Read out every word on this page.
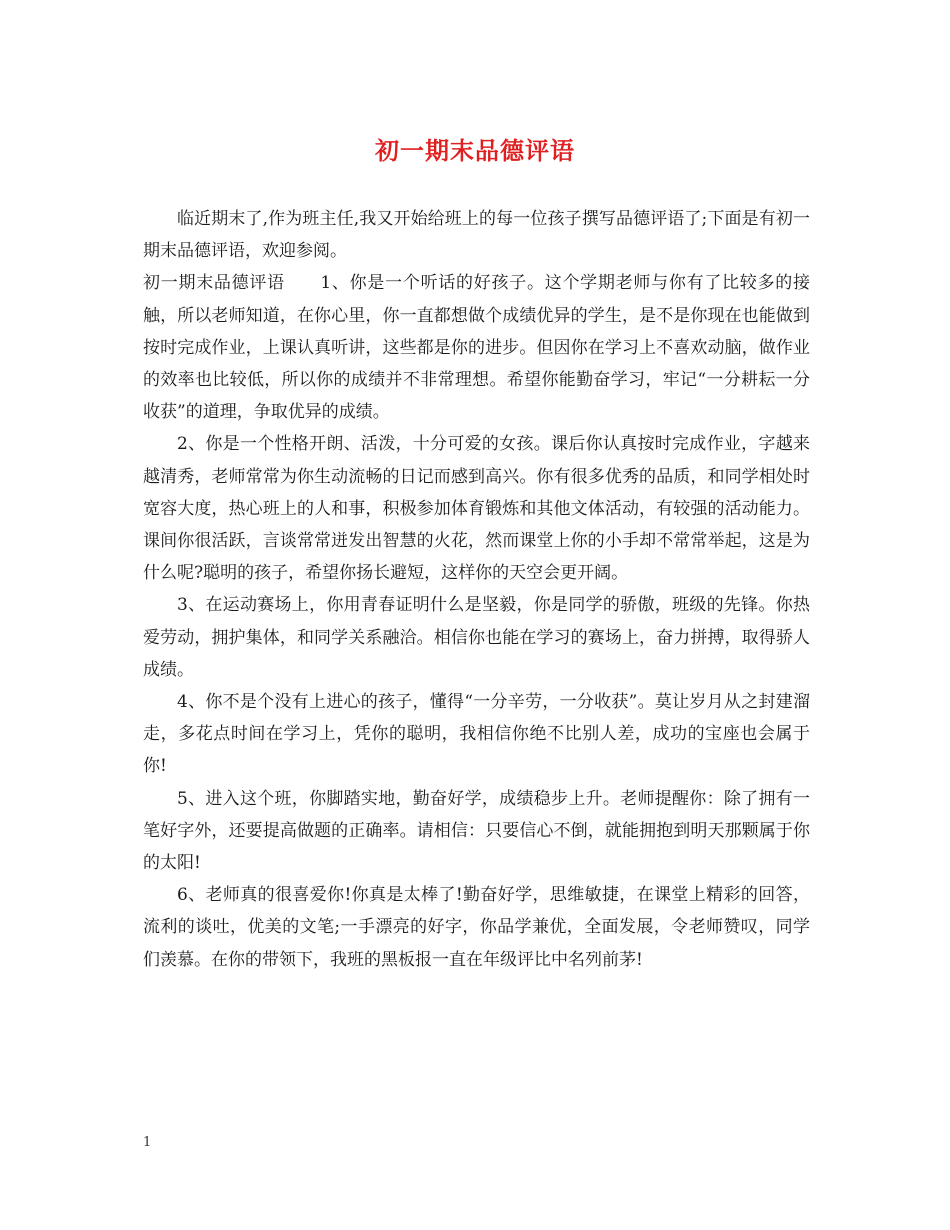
初一期末品德评语

临近期末了,作为班主任,我又开始给班上的每一位孩子撰写品德评语了;下面是有初一期末品德评语，欢迎参阅。

初一期末品德评语　　1、你是一个听话的好孩子。这个学期老师与你有了比较多的接触，所以老师知道，在你心里，你一直都想做个成绩优异的学生，是不是你现在也能做到按时完成作业，上课认真听讲，这些都是你的进步。但因你在学习上不喜欢动脑，做作业的效率也比较低，所以你的成绩并不非常理想。希望你能勤奋学习，牢记“一分耕耘一分收获”的道理，争取优异的成绩。

2、你是一个性格开朗、活泼，十分可爱的女孩。课后你认真按时完成作业，字越来越清秀，老师常常为你生动流畅的日记而感到高兴。你有很多优秀的品质，和同学相处时宽容大度，热心班上的人和事，积极参加体育锻炼和其他文体活动，有较强的活动能力。课间你很活跃，言谈常常迸发出智慧的火花，然而课堂上你的小手却不常常举起，这是为什么呢?聪明的孩子，希望你扬长避短，这样你的天空会更开阔。

3、在运动赛场上，你用青春证明什么是坚毅，你是同学的骄傲，班级的先锋。你热爱劳动，拥护集体，和同学关系融洽。相信你也能在学习的赛场上，奋力拼搏，取得骄人成绩。

4、你不是个没有上进心的孩子，懂得“一分辛劳，一分收获”。莫让岁月从之封建溜走，多花点时间在学习上，凭你的聪明，我相信你绝不比别人差，成功的宝座也会属于你!

5、进入这个班，你脚踏实地，勤奋好学，成绩稳步上升。老师提醒你：除了拥有一笔好字外，还要提高做题的正确率。请相信：只要信心不倒，就能拥抱到明天那颗属于你的太阳!

6、老师真的很喜爱你!你真是太棒了!勤奋好学，思维敏捷，在课堂上精彩的回答，流利的谈吐，优美的文笔;一手漂亮的好字，你品学兼优，全面发展，令老师赞叹，同学们羡慕。在你的带领下，我班的黑板报一直在年级评比中名列前茅!

1
